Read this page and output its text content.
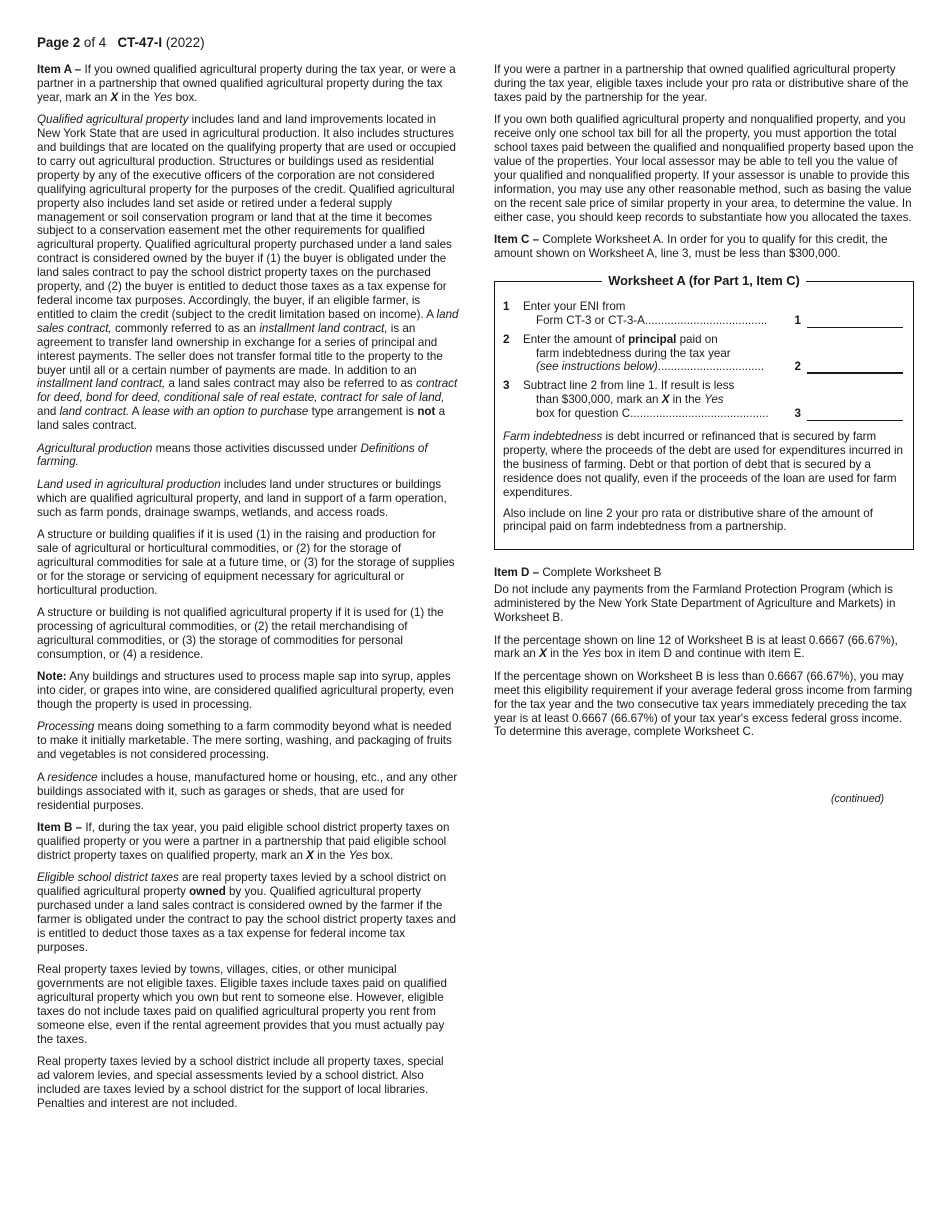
Page 2 of 4 CT-47-I (2022)

Item A – If you owned qualified agricultural property during the tax year, or were a partner in a partnership that owned qualified agricultural property during the tax year, mark an X in the Yes box.

Qualified agricultural property includes land and land improvements located in New York State that are used in agricultural production. It also includes structures and buildings that are located on the qualifying property that are used or occupied to carry out agricultural production. Structures or buildings used as residential property by any of the executive officers of the corporation are not considered qualifying agricultural property for the purposes of the credit. Qualified agricultural property also includes land set aside or retired under a federal supply management or soil conservation program or land that at the time it becomes subject to a conservation easement met the other requirements for qualified agricultural property. Qualified agricultural property purchased under a land sales contract is considered owned by the buyer if (1) the buyer is obligated under the land sales contract to pay the school district property taxes on the purchased property, and (2) the buyer is entitled to deduct those taxes as a tax expense for federal income tax purposes. Accordingly, the buyer, if an eligible farmer, is entitled to claim the credit (subject to the credit limitation based on income). A land sales contract, commonly referred to as an installment land contract, is an agreement to transfer land ownership in exchange for a series of principal and interest payments. The seller does not transfer formal title to the property to the buyer until all or a certain number of payments are made. In addition to an installment land contract, a land sales contract may also be referred to as contract for deed, bond for deed, conditional sale of real estate, contract for sale of land, and land contract. A lease with an option to purchase type arrangement is not a land sales contract.

Agricultural production means those activities discussed under Definitions of farming.

Land used in agricultural production includes land under structures or buildings which are qualified agricultural property, and land in support of a farm operation, such as farm ponds, drainage swamps, wetlands, and access roads.

A structure or building qualifies if it is used (1) in the raising and production for sale of agricultural or horticultural commodities, or (2) for the storage of agricultural commodities for sale at a future time, or (3) for the storage of supplies or for the storage or servicing of equipment necessary for agricultural or horticultural production.

A structure or building is not qualified agricultural property if it is used for (1) the processing of agricultural commodities, or (2) the retail merchandising of agricultural commodities, or (3) the storage of commodities for personal consumption, or (4) a residence.

Note: Any buildings and structures used to process maple sap into syrup, apples into cider, or grapes into wine, are considered qualified agricultural property, even though the property is used in processing.

Processing means doing something to a farm commodity beyond what is needed to make it initially marketable. The mere sorting, washing, and packaging of fruits and vegetables is not considered processing.

A residence includes a house, manufactured home or housing, etc., and any other buildings associated with it, such as garages or sheds, that are used for residential purposes.

Item B – If, during the tax year, you paid eligible school district property taxes on qualified property or you were a partner in a partnership that paid eligible school district property taxes on qualified property, mark an X in the Yes box.

Eligible school district taxes are real property taxes levied by a school district on qualified agricultural property owned by you. Qualified agricultural property purchased under a land sales contract is considered owned by the farmer if the farmer is obligated under the contract to pay the school district property taxes and is entitled to deduct those taxes as a tax expense for federal income tax purposes.

Real property taxes levied by towns, villages, cities, or other municipal governments are not eligible taxes. Eligible taxes include taxes paid on qualified agricultural property which you own but rent to someone else. However, eligible taxes do not include taxes paid on qualified agricultural property you rent from someone else, even if the rental agreement provides that you must actually pay the taxes.

Real property taxes levied by a school district include all property taxes, special ad valorem levies, and special assessments levied by a school district. Also included are taxes levied by a school district for the support of local libraries. Penalties and interest are not included.

If you were a partner in a partnership that owned qualified agricultural property during the tax year, eligible taxes include your pro rata or distributive share of the taxes paid by the partnership for the year.

If you own both qualified agricultural property and nonqualified property, and you receive only one school tax bill for all the property, you must apportion the total school taxes paid between the qualified and nonqualified property based upon the value of the properties. Your local assessor may be able to tell you the value of your qualified and nonqualified property. If your assessor is unable to provide this information, you may use any other reasonable method, such as basing the value on the recent sale price of similar property in your area, to determine the value. In either case, you should keep records to substantiate how you allocated the taxes.

Item C – Complete Worksheet A. In order for you to qualify for this credit, the amount shown on Worksheet A, line 3, must be less than $300,000.

Worksheet A (for Part 1, Item C)
1	Enter your ENI from
Form CT-3 or CT-3-A ......................................	1
2	Enter the amount of principal paid on
farm indebtedness during the tax year
(see instructions below) .................................	2
3	Subtract line 2 from line 1. If result is less
than $300,000, mark an X in the Yes
box for question C ...........................................	3

Farm indebtedness is debt incurred or refinanced that is secured by farm property, where the proceeds of the debt are used for expenditures incurred in the business of farming. Debt or that portion of debt that is secured by a residence does not qualify, even if the proceeds of the loan are used for farm expenditures.

Also include on line 2 your pro rata or distributive share of the amount of principal paid on farm indebtedness from a partnership.

Item D – Complete Worksheet B

Do not include any payments from the Farmland Protection Program (which is administered by the New York State Department of Agriculture and Markets) in Worksheet B.

If the percentage shown on line 12 of Worksheet B is at least 0.6667 (66.67%), mark an X in the Yes box in item D and continue with item E.

If the percentage shown on Worksheet B is less than 0.6667 (66.67%), you may meet this eligibility requirement if your average federal gross income from farming for the tax year and the two consecutive tax years immediately preceding the tax year is at least 0.6667 (66.67%) of your tax year's excess federal gross income. To determine this average, complete Worksheet C.

(continued)
